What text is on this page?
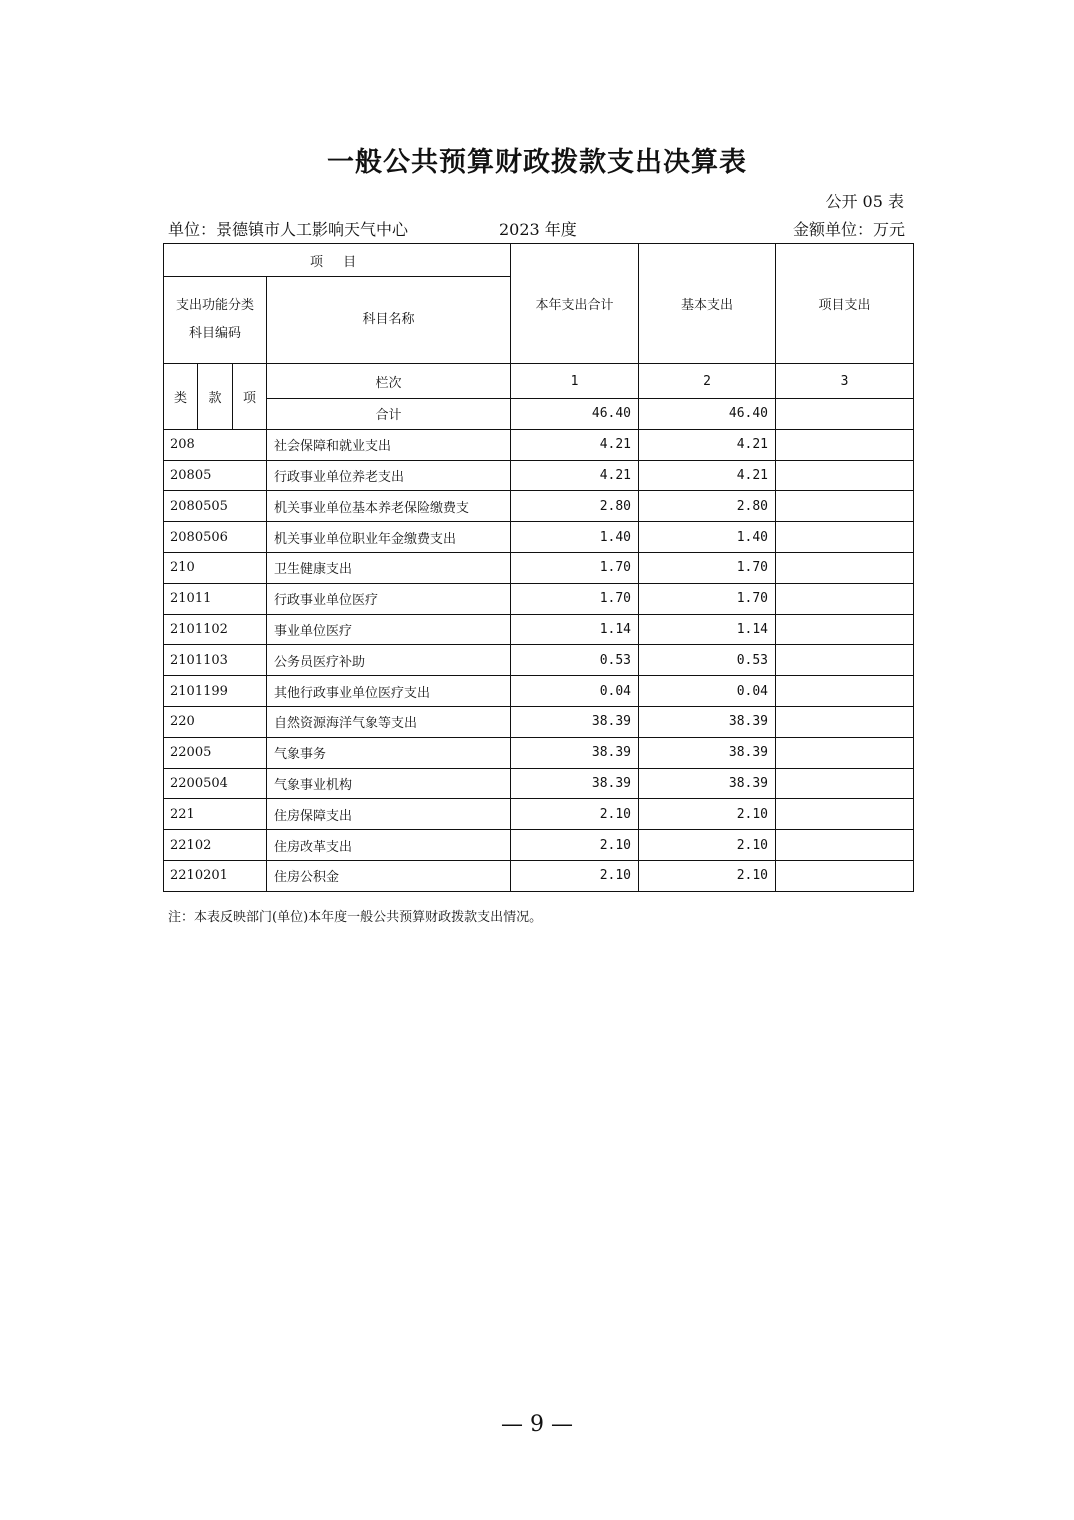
一般公共预算财政拨款支出决算表
公开 05 表
单位：景德镇市人工影响天气中心	2023 年度	金额单位：万元
项 目				本年支出合计	基本支出	项目支出

支出功能分类
科目编码			科目名称			
类	款	项	栏次	1	2	3
			合计	46.40	46.40	
208			社会保障和就业支出	4.21	4.21	
20805			行政事业单位养老支出	4.21	4.21	
2080505			机关事业单位基本养老保险缴费支	2.80	2.80	
2080506			机关事业单位职业年金缴费支出	1.40	1.40	
210			卫生健康支出	1.70	1.70	
21011			行政事业单位医疗	1.70	1.70	
2101102			事业单位医疗	1.14	1.14	
2101103			公务员医疗补助	0.53	0.53	
2101199			其他行政事业单位医疗支出	0.04	0.04	
220			自然资源海洋气象等支出	38.39	38.39	
22005			气象事务	38.39	38.39	
2200504			气象事业机构	38.39	38.39	
221			住房保障支出	2.10	2.10	
22102			住房改革支出	2.10	2.10	
2210201			住房公积金	2.10	2.10	
注：本表反映部门(单位)本年度一般公共预算财政拨款支出情况。
— 9 —
